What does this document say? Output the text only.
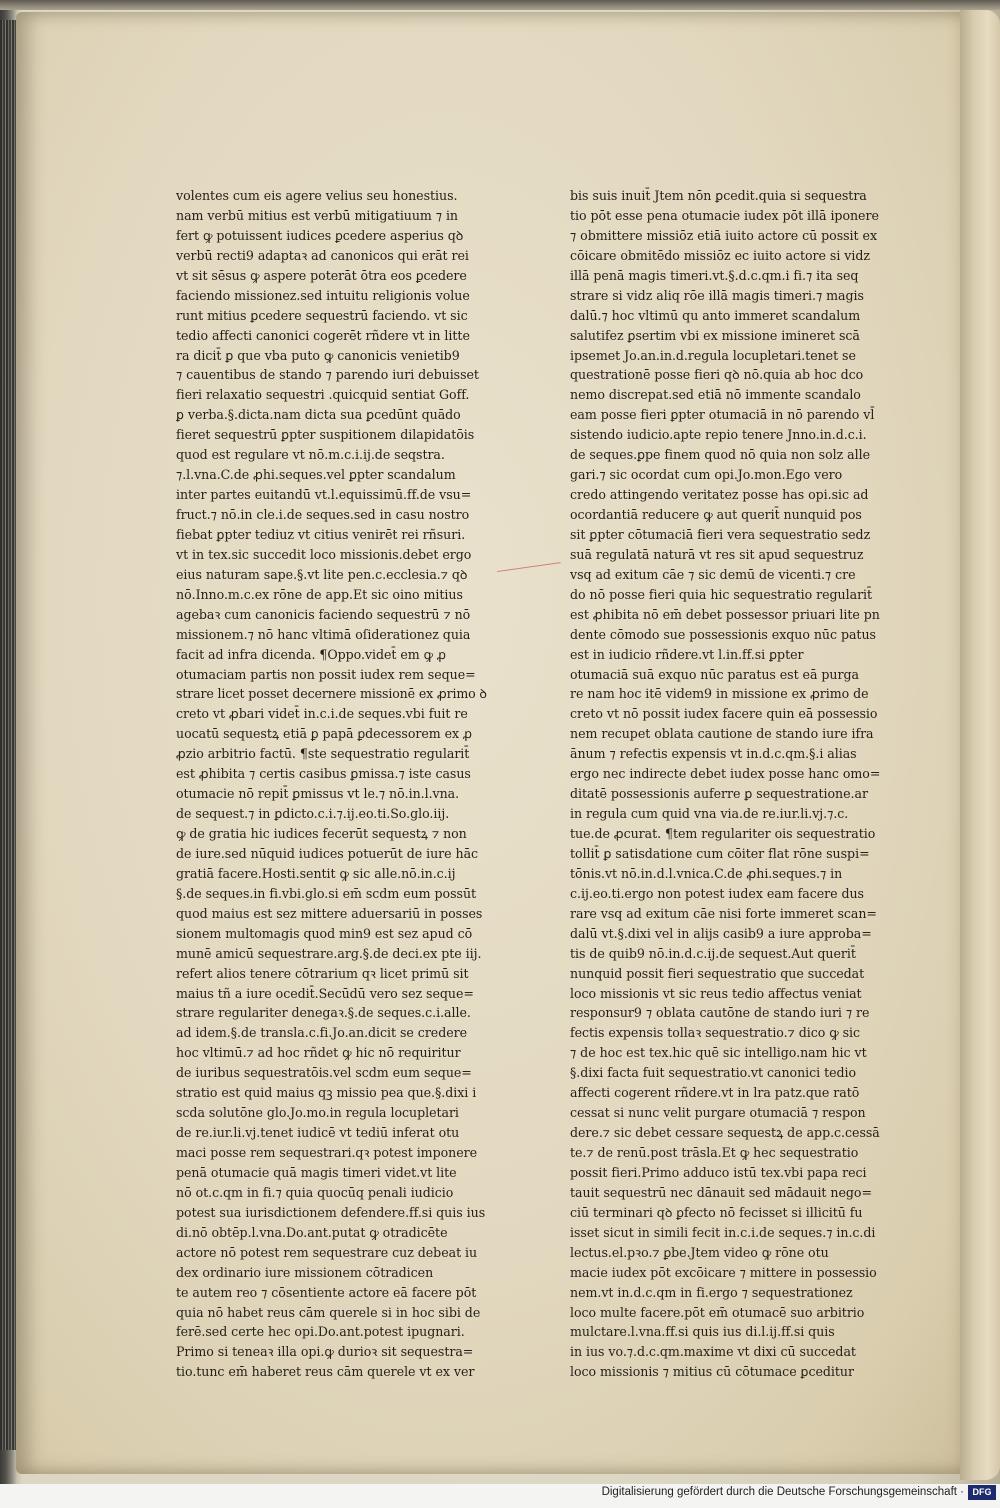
volentes cum eis agere velius seu honestius.
nam verbū mitius est verbū mitigatiuum ⁊ in
fert ꝙ potuissent iudices ꝑcedere asperius qꝺ
verbū recti9 adaptaꝛ ad canonicos qui erāt rei
vt sit sēsus ꝙ aspere poterāt ōtra eos ꝑcedere
faciendo missionez.sed intuitu religionis volue
runt mitius ꝑcedere sequestrū faciendo. vt sic
tedio affecti canonici cogerēt rñdere vt in litte
ra dicit̄ ꝑ que vba puto ꝙ canonicis venietib9
⁊ cauentibus de stando ⁊ parendo iuri debuisset
fieri relaxatio sequestri .quicquid sentiat Goff.
ꝑ verba.§.dicta.nam dicta sua ꝑcedūnt quādo
fieret sequestrū ꝑpter suspitionem dilapidatōis
quod est regulare vt nō.m.c.i.ij.de seqstra.
⁊.l.vna.C.de ꝓhi.seques.vel ꝑpter scandalum
inter partes euitandū vt.l.equissimū.ff.de vsu=
fruct.⁊ nō.in cle.i.de seques.sed in casu nostro
fiebat ꝑpter tediuz vt citius venirēt rei rñsuri.
vt in tex.sic succedit loco missionis.debet ergo
eius naturam sape.§.vt lite pen.c.ecclesia.⁊ qꝺ
nō.Inno.m.c.ex rōne de app.Et sic oino mitius
agebaꝛ cum canonicis faciendo sequestrū ⁊ nō
missionem.⁊ nō hanc vltimā oſiderationez quia
facit ad infra dicenda. ¶Oppo.videt̄ em ꝙ ꝓ
otumaciam partis non possit iudex rem seque=
strare licet posset decernere missionē ex ꝓrimo ꝺ
creto vt ꝓbari videt̄ in.c.i.de seques.vbi fuit re
uocatū sequestꝝ etiā ꝑ papā ꝑdecessorem ex ꝓ
ꝓzio arbitrio factū. ¶ste sequestratio regularit̄
est ꝓhibita ⁊ certis casibus ꝑmissa.⁊ iste casus
otumacie nō repit̄ ꝑmissus vt le.⁊ nō.in.l.vna.
de sequest.⁊ in ꝑdicto.c.i.⁊.ij.eo.ti.So.glo.iij.
ꝙ de gratia hic iudices fecerūt sequestꝝ ⁊ non
de iure.sed nūquid iudices potuerūt de iure hāc
gratiā facere.Hosti.sentit ꝙ sic alle.nō.in.c.ij
§.de seques.in fi.vbi.glo.si em̄ scdm eum possūt
quod maius est sez mittere aduersariū in posses
sionem multomagis quod min9 est sez apud cō
munē amicū sequestrare.arg.§.de deci.ex pte iij.
refert alios tenere cōtrarium qꝛ licet primū sit
maius tñ a iure ocedit̄.Secūdū vero sez seque=
strare regulariter denegaꝛ.§.de seques.c.i.alle.
ad idem.§.de transla.c.fi.Jo.an.dicit se credere
hoc vltimū.⁊ ad hoc rñdet ꝙ hic nō requiritur
de iuribus sequestratōis.vel scdm eum seque=
stratio est quid maius qꝫ missio pea que.§.dixi i
scda solutōne glo.Jo.mo.in regula locupletari
de re.iur.li.vj.tenet iudicē vt tediū inferat otu
maci posse rem sequestrari.qꝛ potest imponere
penā otumacie quā magis timeri videt.vt lite
nō ot.c.qm in fi.⁊ quia quocūq penali iudicio
potest sua iurisdictionem defendere.ff.si quis ius
di.nō obtēp.l.vna.Do.ant.putat ꝙ otradicēte
actore nō potest rem sequestrare cuz debeat iu
dex ordinario iure missionem cōtradicen
te autem reo ⁊ cōsentiente actore eā facere pōt
quia nō habet reus cām querele si in hoc sibi de
ferē.sed certe hec opi.Do.ant.potest ipugnari.
Primo si teneaꝛ illa opi.ꝙ durioꝛ sit sequestra=
tio.tunc em̄ haberet reus cām querele vt ex ver
bis suis inuit̄ Jtem nōn ꝑcedit.quia si sequestra
tio pōt esse pena otumacie iudex pōt illā iponere
⁊ obmittere missiōz etiā iuito actore cū possit ex
cōicare obmitēdo missiōz ec iuito actore si vidz
illā penā magis timeri.vt.§.d.c.qm.i fi.⁊ ita seq
strare si vidz aliq rōe illā magis timeri.⁊ magis
dalū.⁊ hoc vltimū qu anto immeret scandalum
salutifez ꝑsertim vbi ex missione imineret scā
ipsemet Jo.an.in.d.regula locupletari.tenet se
questrationē posse fieri qꝺ nō.quia ab hoc dco
nemo discrepat.sed etiā nō immente scandalo
eam posse fieri ꝑpter otumaciā in nō parendo vl̄
sistendo iudicio.apte repio tenere Jnno.in.d.c.i.
de seques.ꝑpe finem quod nō quia non solz alle
gari.⁊ sic ocordat cum opi.Jo.mon.Ego vero
credo attingendo veritatez posse has opi.sic ad
ocordantiā reducere ꝙ aut querit̄ nunquid pos
sit ꝑpter cōtumaciā fieri vera sequestratio sedz
suā regulatā naturā vt res sit apud sequestruz
vsq ad exitum cāe ⁊ sic demū de vicenti.⁊ cre
do nō posse fieri quia hic sequestratio regularit̄
est ꝓhibita nō em̄ debet possessor priuari lite pn
dente cōmodo sue possessionis exquo nūc patus
est in iudicio rñdere.vt l.in.ff.si ꝑpter
otumaciā suā exquo nūc paratus est eā purga
re nam hoc itē videm9 in missione ex ꝓrimo de
creto vt nō possit iudex facere quin eā possessio
nem recupet oblata cautione de stando iure ifra
ānum ⁊ refectis expensis vt in.d.c.qm.§.i alias
ergo nec indirecte debet iudex posse hanc omo=
ditatē possessionis auferre ꝑ sequestratione.ar
in regula cum quid vna via.de re.iur.li.vj.⁊.c.
tue.de ꝓcurat. ¶tem regulariter ois sequestratio
tollit̄ ꝑ satisdatione cum cōiter flat rōne suspi=
tōnis.vt nō.in.d.l.vnica.C.de ꝓhi.seques.⁊ in
c.ij.eo.ti.ergo non potest iudex eam facere dus
rare vsq ad exitum cāe nisi forte immeret scan=
dalū vt.§.dixi vel in alijs casib9 a iure approba=
tis de quib9 nō.in.d.c.ij.de sequest.Aut querit̄
nunquid possit fieri sequestratio que succedat
loco missionis vt sic reus tedio affectus veniat
responsur9 ⁊ oblata cautōne de stando iuri ⁊ re
fectis expensis tollaꝛ sequestratio.⁊ dico ꝙ sic
⁊ de hoc est tex.hic quē sic intelligo.nam hic vt
§.dixi facta fuit sequestratio.vt canonici tedio
affecti cogerent rñdere.vt in lra patz.que ratō
cessat si nunc velit purgare otumaciā ⁊ respon
dere.⁊ sic debet cessare sequestꝝ de app.c.cessā
te.⁊ de renū.post trāsla.Et ꝙ hec sequestratio
possit fieri.Primo adduco istū tex.vbi papa reci
tauit sequestrū nec dānauit sed mādauit nego=
ciū terminari qꝺ ꝑfecto nō fecisset si illicitū fu
isset sicut in simili fecit in.c.i.de seques.⁊ in.c.di
lectus.el.pꝛo.⁊ ꝑbe.Jtem video ꝙ rōne otu
macie iudex pōt excōicare ⁊ mittere in possessio
nem.vt in.d.c.qm in fi.ergo ⁊ sequestrationez
loco multe facere.pōt em̄ otumacē suo arbitrio
mulctare.l.vna.ff.si quis ius di.l.ij.ff.si quis
in ius vo.⁊.d.c.qm.maxime vt dixi cū succedat
loco missionis ⁊ mitius cū cōtumace ꝑceditur
Digitalisierung gefördert durch die Deutsche Forschungsgemeinschaft · DFG
